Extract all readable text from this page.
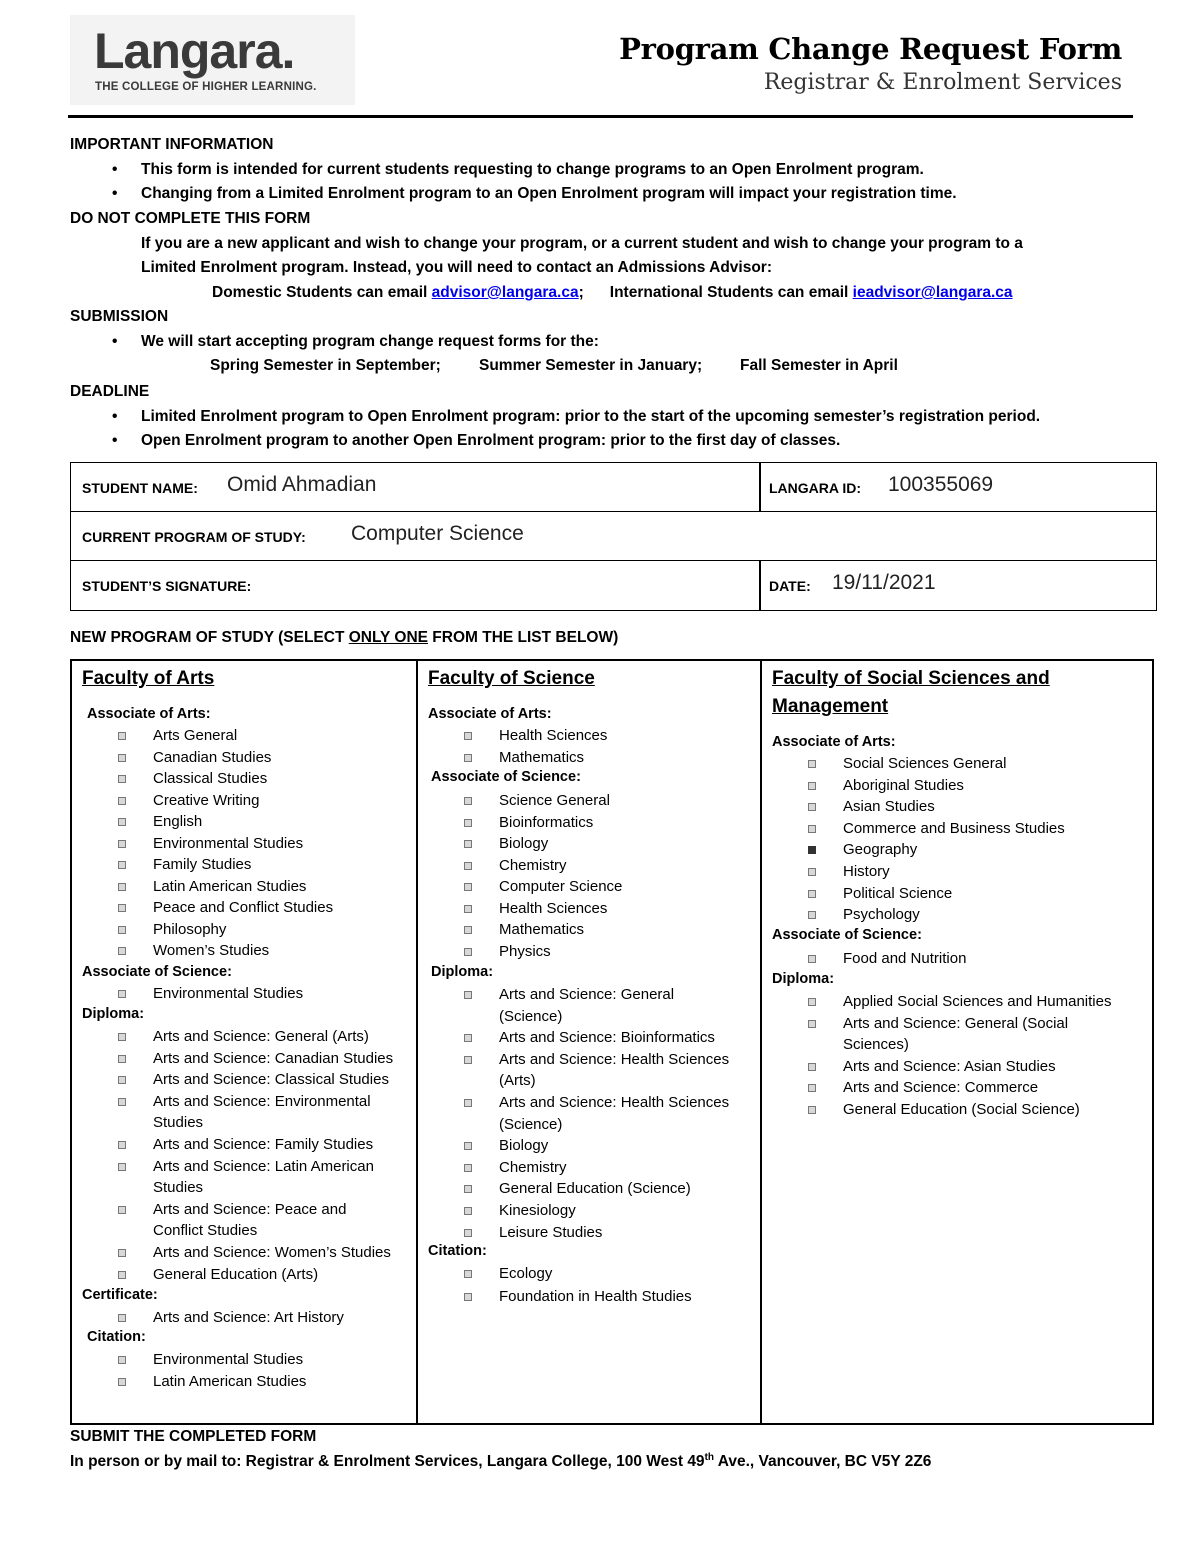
Langara.
THE COLLEGE OF HIGHER LEARNING.
Program Change Request Form
Registrar & Enrolment Services
IMPORTANT INFORMATION
• This form is intended for current students requesting to change programs to an Open Enrolment program.
• Changing from a Limited Enrolment program to an Open Enrolment program will impact your registration time.
DO NOT COMPLETE THIS FORM
If you are a new applicant and wish to change your program, or a current student and wish to change your program to a
Limited Enrolment program. Instead, you will need to contact an Admissions Advisor:
Domestic Students can email advisor@langara.ca; International Students can email ieadvisor@langara.ca
SUBMISSION
• We will start accepting program change request forms for the:
Spring Semester in September; Summer Semester in January; Fall Semester in April
DEADLINE
• Limited Enrolment program to Open Enrolment program: prior to the start of the upcoming semester’s registration period.
• Open Enrolment program to another Open Enrolment program: prior to the first day of classes.
STUDENT NAME: Omid Ahmadian	LANGARA ID: 100355069
CURRENT PROGRAM OF STUDY: Computer Science
STUDENT’S SIGNATURE:	DATE: 19/11/2021
NEW PROGRAM OF STUDY (SELECT ONLY ONE FROM THE LIST BELOW)
Faculty of Arts
Associate of Arts:
Arts General
Canadian Studies
Classical Studies
Creative Writing
English
Environmental Studies
Family Studies
Latin American Studies
Peace and Conflict Studies
Philosophy
Women’s Studies
Associate of Science:
Environmental Studies
Diploma:
Arts and Science: General (Arts)
Arts and Science: Canadian Studies
Arts and Science: Classical Studies
Arts and Science: Environmental
Studies
Arts and Science: Family Studies
Arts and Science: Latin American
Studies
Arts and Science: Peace and
Conflict Studies
Arts and Science: Women’s Studies
General Education (Arts)
Certificate:
Arts and Science: Art History
Citation:
Environmental Studies
Latin American Studies
Faculty of Science
Associate of Arts:
Health Sciences
Mathematics
Associate of Science:
Science General
Bioinformatics
Biology
Chemistry
Computer Science
Health Sciences
Mathematics
Physics
Diploma:
Arts and Science: General
(Science)
Arts and Science: Bioinformatics
Arts and Science: Health Sciences
(Arts)
Arts and Science: Health Sciences
(Science)
Biology
Chemistry
General Education (Science)
Kinesiology
Leisure Studies
Citation:
Ecology
Foundation in Health Studies
Faculty of Social Sciences and
Management
Associate of Arts:
Social Sciences General
Aboriginal Studies
Asian Studies
Commerce and Business Studies
Geography
History
Political Science
Psychology
Associate of Science:
Food and Nutrition
Diploma:
Applied Social Sciences and Humanities
Arts and Science: General (Social
Sciences)
Arts and Science: Asian Studies
Arts and Science: Commerce
General Education (Social Science)
SUBMIT THE COMPLETED FORM
In person or by mail to: Registrar & Enrolment Services, Langara College, 100 West 49th Ave., Vancouver, BC V5Y 2Z6
